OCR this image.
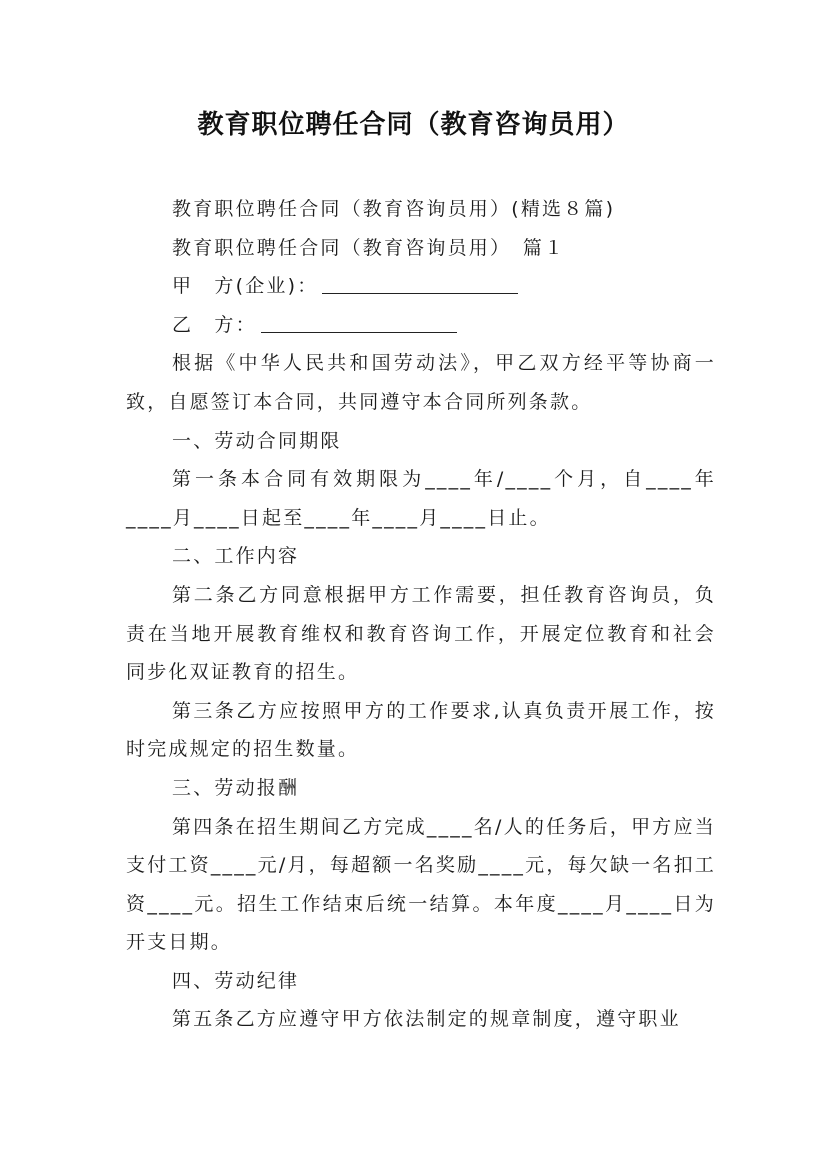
教育职位聘任合同（教育咨询员用）

教育职位聘任合同（教育咨询员用）(精选８篇)

教育职位聘任合同（教育咨询员用）　篇１

甲　方(企业)：

乙　方：

根据《中华人民共和国劳动法》，甲乙双方经平等协商一致，自愿签订本合同，共同遵守本合同所列条款。

一、劳动合同期限

第一条本合同有效期限为____年/____个月，自____年____月____日起至____年____月____日止。

二、工作内容

第二条乙方同意根据甲方工作需要，担任教育咨询员，负责在当地开展教育维权和教育咨询工作，开展定位教育和社会同步化双证教育的招生。

第三条乙方应按照甲方的工作要求,认真负责开展工作，按时完成规定的招生数量。

三、劳动报酬

第四条在招生期间乙方完成____名/人的任务后，甲方应当支付工资____元/月，每超额一名奖励____元，每欠缺一名扣工资____元。招生工作结束后统一结算。本年度____月____日为开支日期。

四、劳动纪律

第五条乙方应遵守甲方依法制定的规章制度，遵守职业
